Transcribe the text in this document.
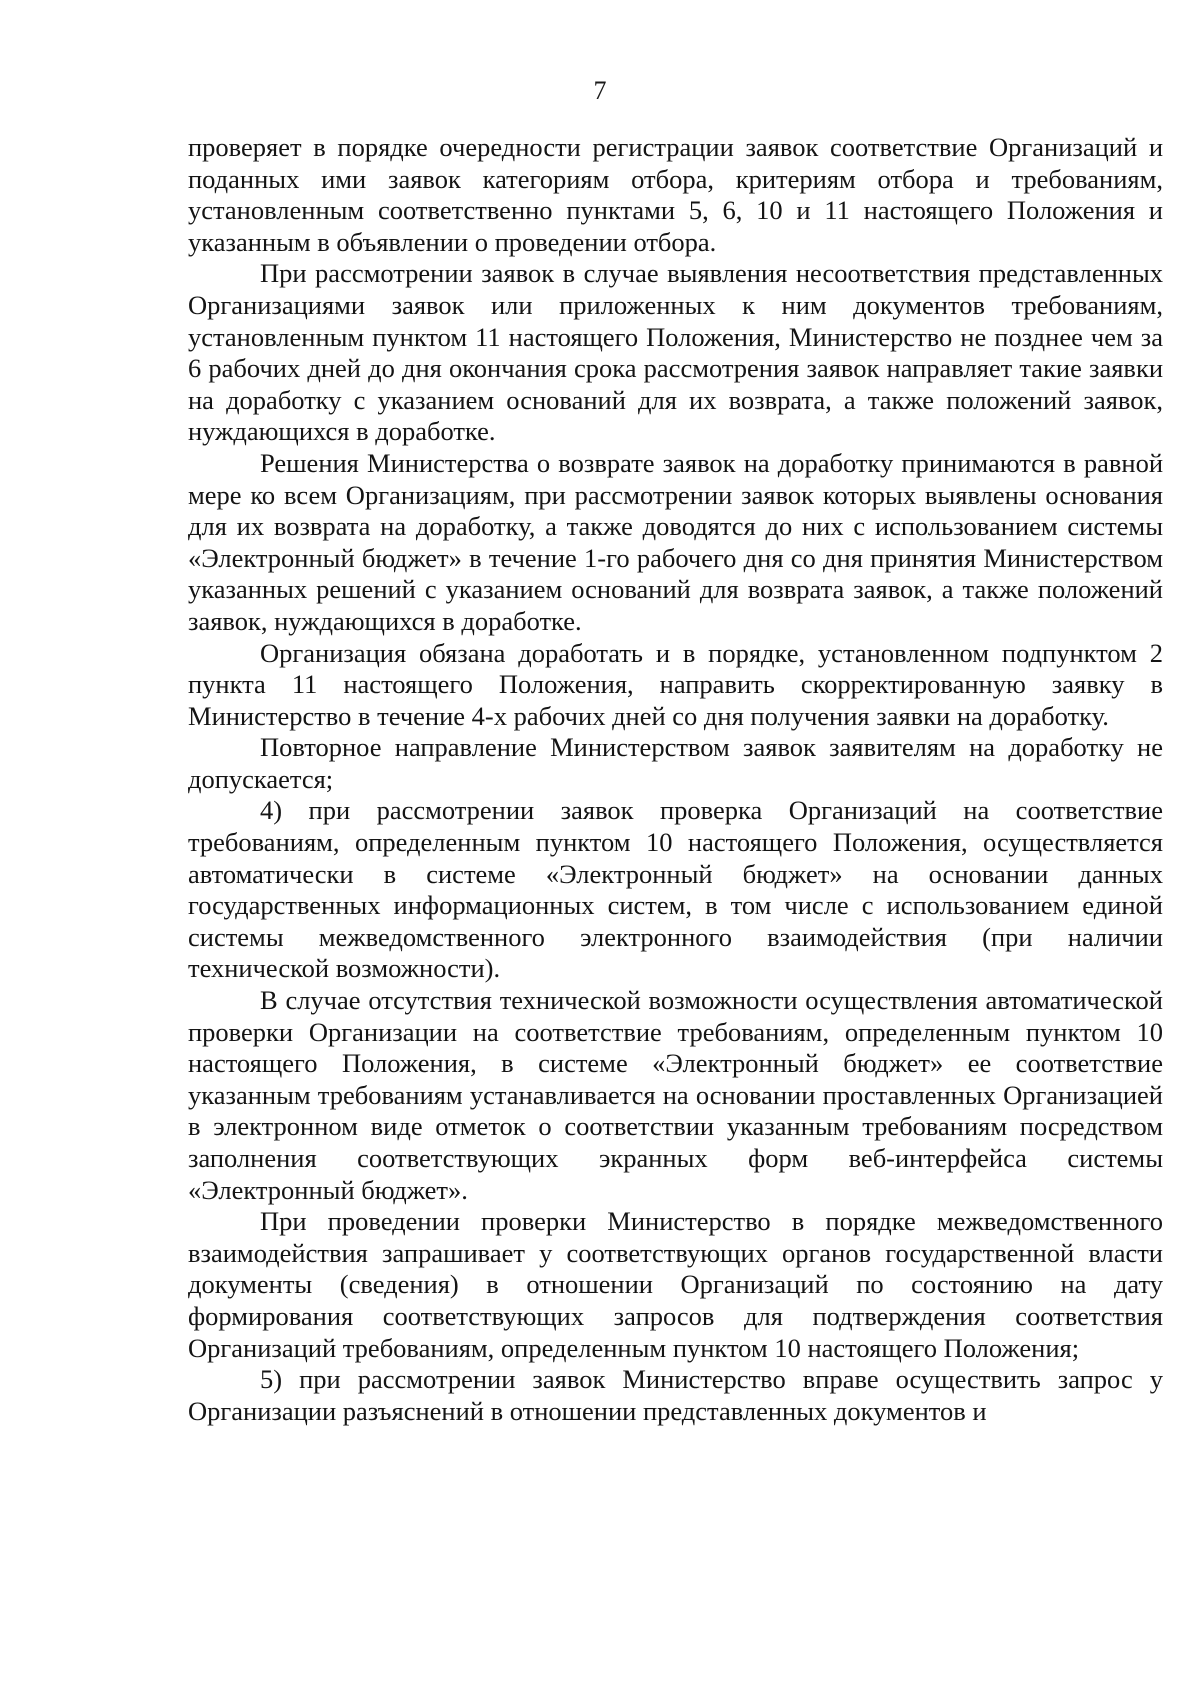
7

проверяет в порядке очередности регистрации заявок соответствие Организаций и поданных ими заявок категориям отбора, критериям отбора и требованиям, установленным соответственно пунктами 5, 6, 10 и 11 настоящего Положения и указанным в объявлении о проведении отбора.

При рассмотрении заявок в случае выявления несоответствия представленных Организациями заявок или приложенных к ним документов требованиям, установленным пунктом 11 настоящего Положения, Министерство не позднее чем за 6 рабочих дней до дня окончания срока рассмотрения заявок направляет такие заявки на доработку с указанием оснований для их возврата, а также положений заявок, нуждающихся в доработке.

Решения Министерства о возврате заявок на доработку принимаются в равной мере ко всем Организациям, при рассмотрении заявок которых выявлены основания для их возврата на доработку, а также доводятся до них с использованием системы «Электронный бюджет» в течение 1-го рабочего дня со дня принятия Министерством указанных решений с указанием оснований для возврата заявок, а также положений заявок, нуждающихся в доработке.

Организация обязана доработать и в порядке, установленном подпунктом 2 пункта 11 настоящего Положения, направить скорректированную заявку в Министерство в течение 4-х рабочих дней со дня получения заявки на доработку.

Повторное направление Министерством заявок заявителям на доработку не допускается;

4) при рассмотрении заявок проверка Организаций на соответствие требованиям, определенным пунктом 10 настоящего Положения, осуществляется автоматически в системе «Электронный бюджет» на основании данных государственных информационных систем, в том числе с использованием единой системы межведомственного электронного взаимодействия (при наличии технической возможности).

В случае отсутствия технической возможности осуществления автоматической проверки Организации на соответствие требованиям, определенным пунктом 10 настоящего Положения, в системе «Электронный бюджет» ее соответствие указанным требованиям устанавливается на основании проставленных Организацией в электронном виде отметок о соответствии указанным требованиям посредством заполнения соответствующих экранных форм веб-интерфейса системы «Электронный бюджет».

При проведении проверки Министерство в порядке межведомственного взаимодействия запрашивает у соответствующих органов государственной власти документы (сведения) в отношении Организаций по состоянию на дату формирования соответствующих запросов для подтверждения соответствия Организаций требованиям, определенным пунктом 10 настоящего Положения;

5) при рассмотрении заявок Министерство вправе осуществить запрос у Организации разъяснений в отношении представленных документов и
